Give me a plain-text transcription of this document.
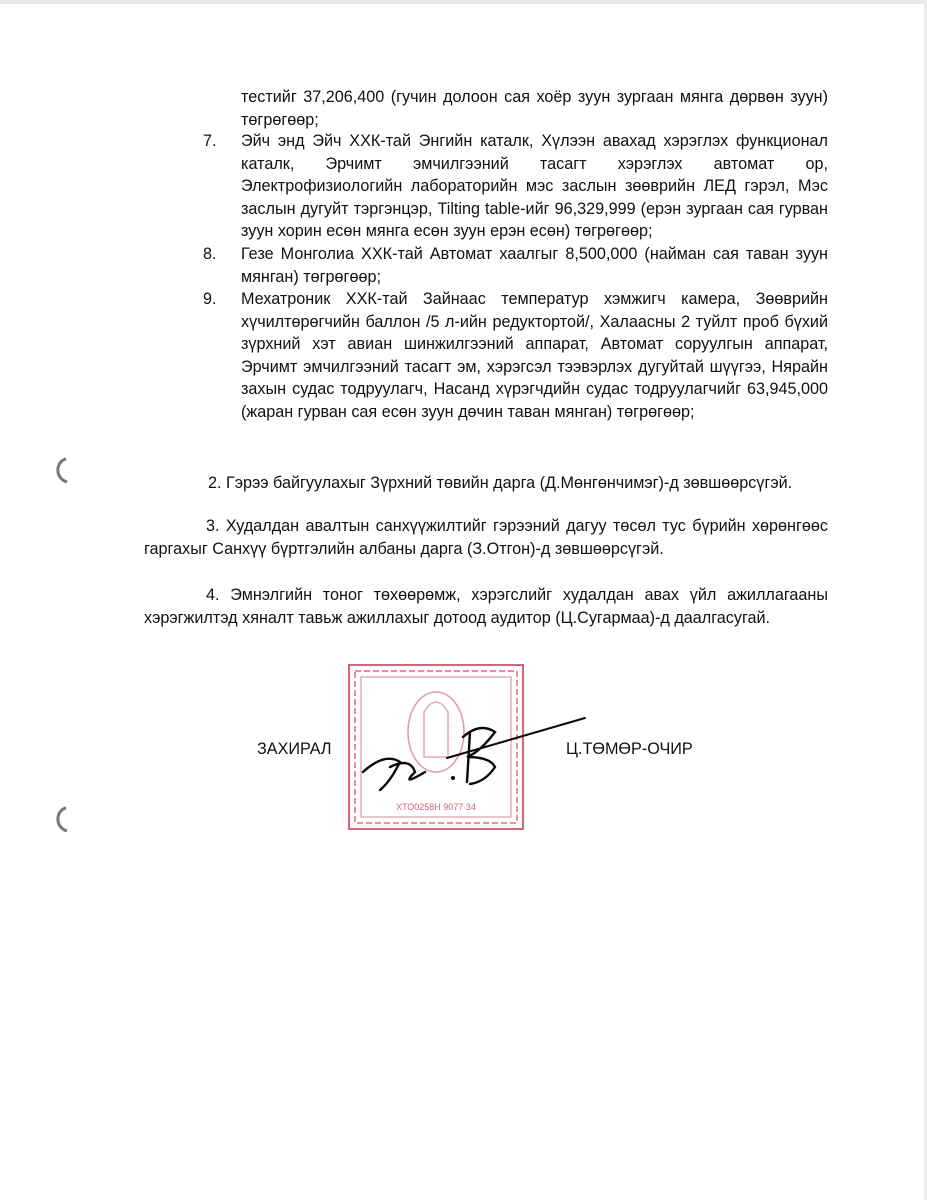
тестийг 37,206,400 (гучин долоон сая хоёр зуун зургаан мянга дөрвөн зуун) төгрөгөөр;
7. Эйч энд Эйч ХХК-тай Энгийн каталк, Хүлээн авахад хэрэглэх функционал каталк, Эрчимт эмчилгээний тасагт хэрэглэх автомат ор, Электрофизиологийн лабораторийн мэс заслын зөөврийн ЛЕД гэрэл, Мэс заслын дугуйт тэргэнцэр, Tilting table-ийг 96,329,999 (ерэн зургаан сая гурван зуун хорин есөн мянга есөн зуун ерэн есөн) төгрөгөөр;
8. Гезе Монголиа ХХК-тай Автомат хаалгыг 8,500,000 (найман сая таван зуун мянган) төгрөгөөр;
9. Мехатроник ХХК-тай Зайнаас температур хэмжигч камера, Зөөврийн хүчилтөрөгчийн баллон /5 л-ийн редуктортой/, Халаасны 2 туйлт проб бүхий зүрхний хэт авиан шинжилгээний аппарат, Автомат соруулгын аппарат, Эрчимт эмчилгээний тасагт эм, хэрэгсэл тээвэрлэх дугуйтай шүүгээ, Нярайн захын судас тодруулагч, Насанд хүрэгчдийн судас тодруулагчийг 63,945,000 (жаран гурван сая есөн зуун дөчин таван мянган) төгрөгөөр;
2. Гэрээ байгуулахыг Зүрхний төвийн дарга (Д.Мөнгөнчимэг)-д зөвшөөрсүгэй.
3. Худалдан авалтын санхүүжилтийг гэрээний дагуу төсөл тус бүрийн хөрөнгөөс гаргахыг Санхүү бүртгэлийн албаны дарга (З.Отгон)-д зөвшөөрсүгэй.
4. Эмнэлгийн тоног төхөөрөмж, хэрэгслийг худалдан авах үйл ажиллагааны хэрэгжилтэд хяналт тавьж ажиллахыг дотоод аудитор (Ц.Сугармаа)-д даалгасугай.
ХТО0258Н 9077 34
ЗАХИРАЛ	Ц.ТӨМӨР-ОЧИР
